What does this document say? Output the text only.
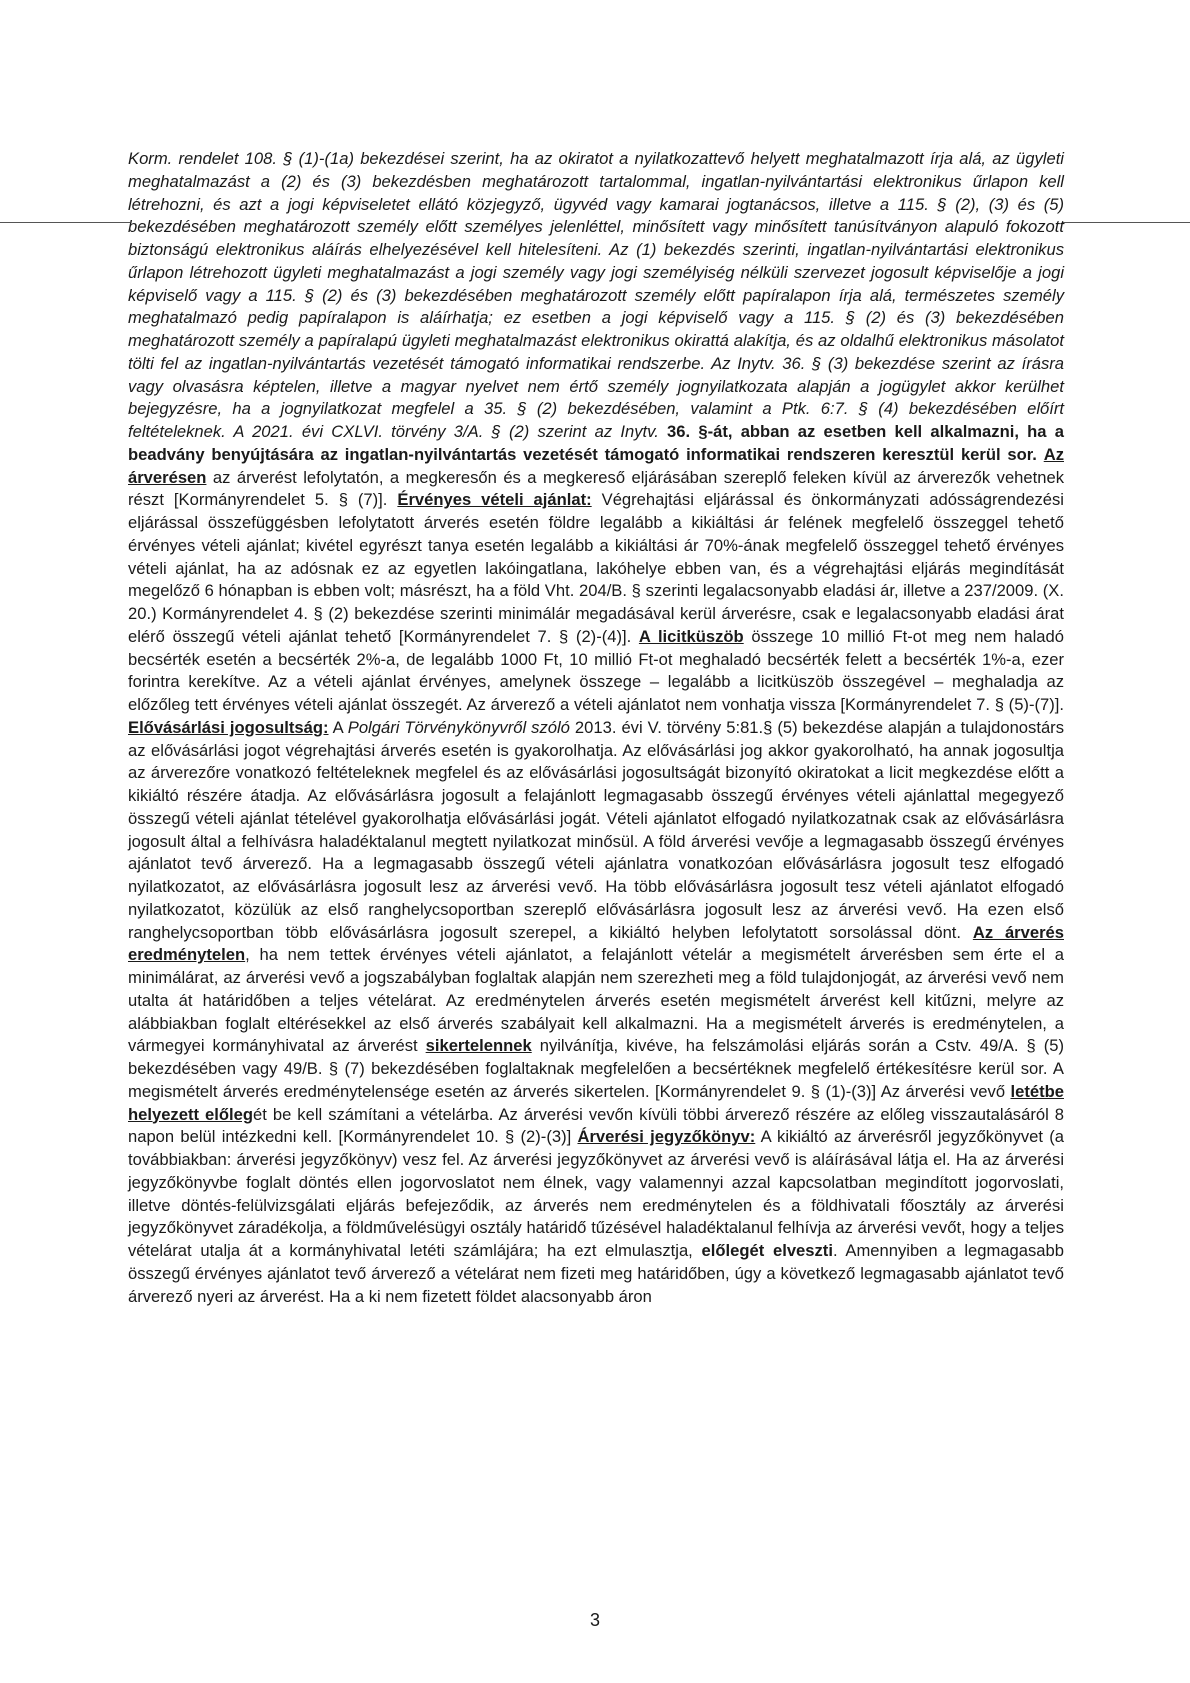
Korm. rendelet 108. § (1)-(1a) bekezdései szerint, ha az okiratot a nyilatkozattevő helyett meghatalmazott írja alá, az ügyleti meghatalmazást a (2) és (3) bekezdésben meghatározott tartalommal, ingatlan-nyilvántartási elektronikus űrlapon kell létrehozni, és azt a jogi képviseletet ellátó közjegyző, ügyvéd vagy kamarai jogtanácsos, illetve a 115. § (2), (3) és (5) bekezdésében meghatározott személy előtt személyes jelenléttel, minősített vagy minősített tanúsítványon alapuló fokozott biztonságú elektronikus aláírás elhelyezésével kell hitelesíteni. Az (1) bekezdés szerinti, ingatlan-nyilvántartási elektronikus űrlapon létrehozott ügyleti meghatalmazást a jogi személy vagy jogi személyiség nélküli szervezet jogosult képviselője a jogi képviselő vagy a 115. § (2) és (3) bekezdésében meghatározott személy előtt papíralapon írja alá, természetes személy meghatalmazó pedig papíralapon is aláírhatja; ez esetben a jogi képviselő vagy a 115. § (2) és (3) bekezdésében meghatározott személy a papíralapú ügyleti meghatalmazást elektronikus okirattá alakítja, és az oldalhű elektronikus másolatot tölti fel az ingatlan-nyilvántartás vezetését támogató informatikai rendszerbe. Az Inytv. 36. § (3) bekezdése szerint az írásra vagy olvasásra képtelen, illetve a magyar nyelvet nem értő személy jognyilatkozata alapján a jogügylet akkor kerülhet bejegyzésre, ha a jognyilatkozat megfelel a 35. § (2) bekezdésében, valamint a Ptk. 6:7. § (4) bekezdésében előírt feltételeknek. A 2021. évi CXLVI. törvény 3/A. § (2) szerint az Inytv. 36. §-át, abban az esetben kell alkalmazni, ha a beadvány benyújtására az ingatlan-nyilvántartás vezetését támogató informatikai rendszeren keresztül kerül sor. Az árverésen az árverést lefolytatón, a megkeresőn és a megkereső eljárásában szereplő feleken kívül az árverezők vehetnek részt [Kormányrendelet 5. § (7)]. Érvényes vételi ajánlat: Végrehajtási eljárással és önkormányzati adósságrendezési eljárással összefüggésben lefolytatott árverés esetén földre legalább a kikiáltási ár felének megfelelő összeggel tehető érvényes vételi ajánlat; kivétel egyrészt tanya esetén legalább a kikiáltási ár 70%-ának megfelelő összeggel tehető érvényes vételi ajánlat, ha az adósnak ez az egyetlen lakóingatlana, lakóhelye ebben van, és a végrehajtási eljárás megindítását megelőző 6 hónapban is ebben volt; másrészt, ha a föld Vht. 204/B. § szerinti legalacsonyabb eladási ár, illetve a 237/2009. (X. 20.) Kormányrendelet 4. § (2) bekezdése szerinti minimálár megadásával kerül árverésre, csak e legalacsonyabb eladási árat elérő összegű vételi ajánlat tehető [Kormányrendelet 7. § (2)-(4)]. A licitküszöb összege 10 millió Ft-ot meg nem haladó becsérték esetén a becsérték 2%-a, de legalább 1000 Ft, 10 millió Ft-ot meghaladó becsérték felett a becsérték 1%-a, ezer forintra kerekítve. Az a vételi ajánlat érvényes, amelynek összege – legalább a licitküszöb összegével – meghaladja az előzőleg tett érvényes vételi ajánlat összegét. Az árverező a vételi ajánlatot nem vonhatja vissza [Kormányrendelet 7. § (5)-(7)]. Elővásárlási jogosultság: A Polgári Törvénykönyvről szóló 2013. évi V. törvény 5:81.§ (5) bekezdése alapján a tulajdonostárs az elővásárlási jogot végrehajtási árverés esetén is gyakorolhatja. Az elővásárlási jog akkor gyakorolható, ha annak jogosultja az árverezőre vonatkozó feltételeknek megfelel és az elővásárlási jogosultságát bizonyító okiratokat a licit megkezdése előtt a kikiáltó részére átadja. Az elővásárlásra jogosult a felajánlott legmagasabb összegű érvényes vételi ajánlattal megegyező összegű vételi ajánlat tételével gyakorolhatja elővásárlási jogát. Vételi ajánlatot elfogadó nyilatkozatnak csak az elővásárlásra jogosult által a felhívásra haladéktalanul megtett nyilatkozat minősül. A föld árverési vevője a legmagasabb összegű érvényes ajánlatot tevő árverező. Ha a legmagasabb összegű vételi ajánlatra vonatkozóan elővásárlásra jogosult tesz elfogadó nyilatkozatot, az elővásárlásra jogosult lesz az árverési vevő. Ha több elővásárlásra jogosult tesz vételi ajánlatot elfogadó nyilatkozatot, közülük az első ranghelycsoportban szereplő elővásárlásra jogosult lesz az árverési vevő. Ha ezen első ranghelycsoportban több elővásárlásra jogosult szerepel, a kikiáltó helyben lefolytatott sorsolással dönt. Az árverés eredménytelen, ha nem tettek érvényes vételi ajánlatot, a felajánlott vételár a megismételt árverésben sem érte el a minimálárat, az árverési vevő a jogszabályban foglaltak alapján nem szerezheti meg a föld tulajdonjogát, az árverési vevő nem utalta át határidőben a teljes vételárat. Az eredménytelen árverés esetén megismételt árverést kell kitűzni, melyre az alábbiakban foglalt eltérésekkel az első árverés szabályait kell alkalmazni. Ha a megismételt árverés is eredménytelen, a vármegyei kormányhivatal az árverést sikertelennek nyilvánítja, kivéve, ha felszámolási eljárás során a Cstv. 49/A. § (5) bekezdésében vagy 49/B. § (7) bekezdésében foglaltaknak megfelelően a becsértéknek megfelelő értékesítésre kerül sor. A megismételt árverés eredménytelensége esetén az árverés sikertelen. [Kormányrendelet 9. § (1)-(3)] Az árverési vevő letétbe helyezett előlegét be kell számítani a vételárba. Az árverési vevőn kívüli többi árverező részére az előleg visszautalásáról 8 napon belül intézkedni kell. [Kormányrendelet 10. § (2)-(3)] Árverési jegyzőkönyv: A kikiáltó az árverésről jegyzőkönyvet (a továbbiakban: árverési jegyzőkönyv) vesz fel. Az árverési jegyzőkönyvet az árverési vevő is aláírásával látja el. Ha az árverési jegyzőkönyvbe foglalt döntés ellen jogorvoslatot nem élnek, vagy valamennyi azzal kapcsolatban megindított jogorvoslati, illetve döntés-felülvizsgálati eljárás befejeződik, az árverés nem eredménytelen és a földhivatali főosztály az árverési jegyzőkönyvet záradékolja, a földművelésügyi osztály határidő tűzésével haladéktalanul felhívja az árverési vevőt, hogy a teljes vételárat utalja át a kormányhivatal letéti számlájára; ha ezt elmulasztja, előlegét elveszti. Amennyiben a legmagasabb összegű érvényes ajánlatot tevő árverező a vételárat nem fizeti meg határidőben, úgy a következő legmagasabb ajánlatot tevő árverező nyeri az árverést. Ha a ki nem fizetett földet alacsonyabb áron

3
